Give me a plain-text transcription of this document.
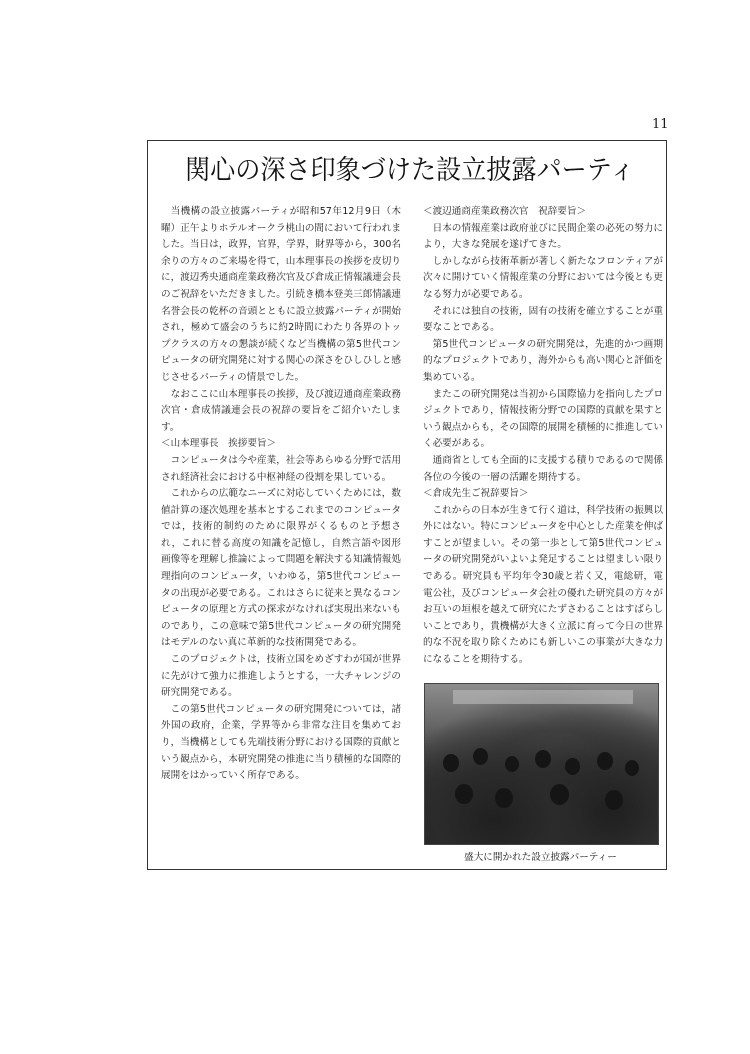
11
関心の深さ印象づけた設立披露パーティ

当機構の設立披露パーティが昭和57年12月9日（木曜）正午よりホテルオークラ桃山の間において行われました。当日は，政界，官界，学界，財界等から，300名余りの方々のご来場を得て，山本理事長の挨拶を皮切りに，渡辺秀央通商産業政務次官及び倉成正情報議連会長のご祝辞をいただきました。引続き橋本登美三郎情議連名誉会長の乾杯の音頭とともに設立披露パーティが開始され，極めて盛会のうちに約2時間にわたり各界のトップクラスの方々の懇談が続くなど当機構の第5世代コンピュータの研究開発に対する関心の深さをひしひしと感じさせるパーティの情景でした。

なおここに山本理事長の挨拶，及び渡辺通商産業政務次官・倉成情議連会長の祝辞の要旨をご紹介いたします。

＜山本理事長　挨拶要旨＞

コンピュータは今や産業，社会等あらゆる分野で活用され経済社会における中枢神経の役割を果している。

これからの広範なニーズに対応していくためには，数値計算の逐次処理を基本とするこれまでのコンピュータでは，技術的制約のために限界がくるものと予想され，これに替る高度の知識を記憶し，自然言語や図形画像等を理解し推論によって問題を解決する知識情報処理指向のコンピュータ，いわゆる，第5世代コンピュータの出現が必要である。これはさらに従来と異なるコンピュータの原理と方式の探求がなければ実現出来ないものであり，この意味で第5世代コンピュータの研究開発はモデルのない真に革新的な技術開発である。

このプロジェクトは，技術立国をめざすわが国が世界に先がけて強力に推進しようとする，一大チャレンジの研究開発である。

この第5世代コンピュータの研究開発については，諸外国の政府，企業，学界等から非常な注目を集めており，当機構としても先端技術分野における国際的貢献という観点から，本研究開発の推進に当り積極的な国際的展開をはかっていく所存である。

＜渡辺通商産業政務次官　祝辞要旨＞

日本の情報産業は政府並びに民間企業の必死の努力により，大きな発展を遂げてきた。

しかしながら技術革新が著しく新たなフロンティアが次々に開けていく情報産業の分野においては今後とも更なる努力が必要である。

それには独自の技術，固有の技術を確立することが重要なことである。

第5世代コンピュータの研究開発は，先進的かつ画期的なプロジェクトであり，海外からも高い関心と評価を集めている。

またこの研究開発は当初から国際協力を指向したプロジェクトであり，情報技術分野での国際的貢献を果すという観点からも，その国際的展開を積極的に推進していく必要がある。

通商省としても全面的に支援する積りであるので関係各位の今後の一層の活躍を期待する。

＜倉成先生ご祝辞要旨＞

これからの日本が生きて行く道は，科学技術の振興以外にはない。特にコンピュータを中心とした産業を伸ばすことが望ましい。その第一歩として第5世代コンピュータの研究開発がいよいよ発足することは望ましい限りである。研究員も平均年令30歳と若く又，電総研，電電公社，及びコンピュータ会社の優れた研究員の方々がお互いの垣根を越えて研究にたずさわることはすばらしいことであり，貴機構が大きく立派に育って今日の世界的な不況を取り除くためにも新しいこの事業が大きな力になることを期待する。

盛大に開かれた設立披露パーティー
